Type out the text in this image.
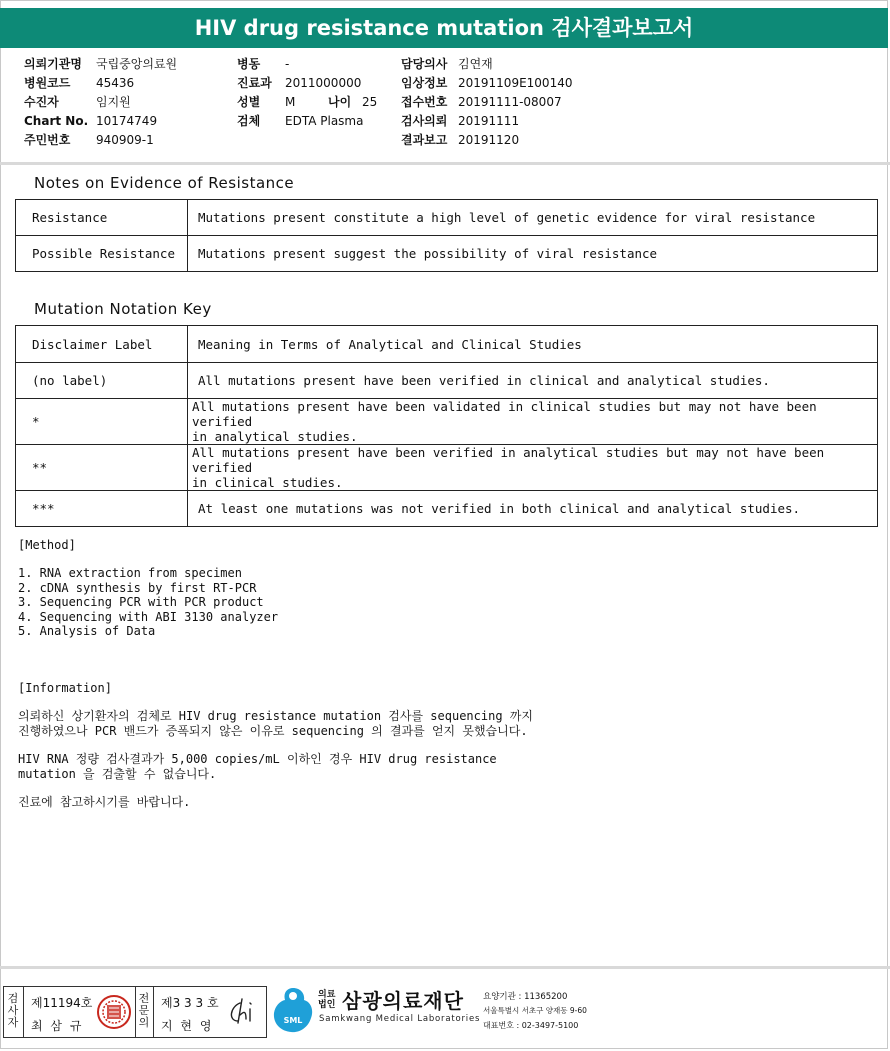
HIV drug resistance mutation 검사결과보고서
의뢰기관명	국립중앙의료원
병원코드	45436
수진자	임지원
Chart No. 10174749
주민번호	940909-1
병동	-
진료과	2011000000
성별	M	나이 25
검체	EDTA Plasma
담당의사 김연재
임상정보 20191109E100140
접수번호 20191111-08007
검사의뢰 20191111
결과보고 20191120
Notes on Evidence of Resistance
Resistance	Mutations present constitute a high level of genetic evidence for viral resistance
Possible Resistance	Mutations present suggest the possibility of viral resistance
Mutation Notation Key
Disclaimer Label	Meaning in Terms of Analytical and Clinical Studies
(no label)	All mutations present have been verified in clinical and analytical studies.
*	All mutations present have been validated in clinical studies but may not have been verified
in analytical studies.
**	All mutations present have been verified in analytical studies but may not have been verified
in clinical studies.
***	At least one mutations was not verified in both clinical and analytical studies.
[Method]
1. RNA extraction from specimen
2. cDNA synthesis by first RT-PCR
3. Sequencing PCR with PCR product
4. Sequencing with ABI 3130 analyzer
5. Analysis of Data
[Information]
의뢰하신 상기환자의 검체로 HIV drug resistance mutation 검사를 sequencing 까지
진행하였으나 PCR 밴드가 증폭되지 않은 이유로 sequencing 의 결과를 얻지 못했습니다.
HIV RNA 정량 검사결과가 5,000 copies/mL 이하인 경우 HIV drug resistance
mutation 을 검출할 수 없습니다.
진료에 참고하시기를 바랍니다.
검
사
자
제11194호
최 삼 규
전
문
의
제3 3 3 호
지 현 영	SML
의료
법인 삼광의료재단
Samkwang Medical Laboratories
요양기관 : 11365200
서울특별시 서초구 양재동 9-60
대표번호 : 02-3497-5100
